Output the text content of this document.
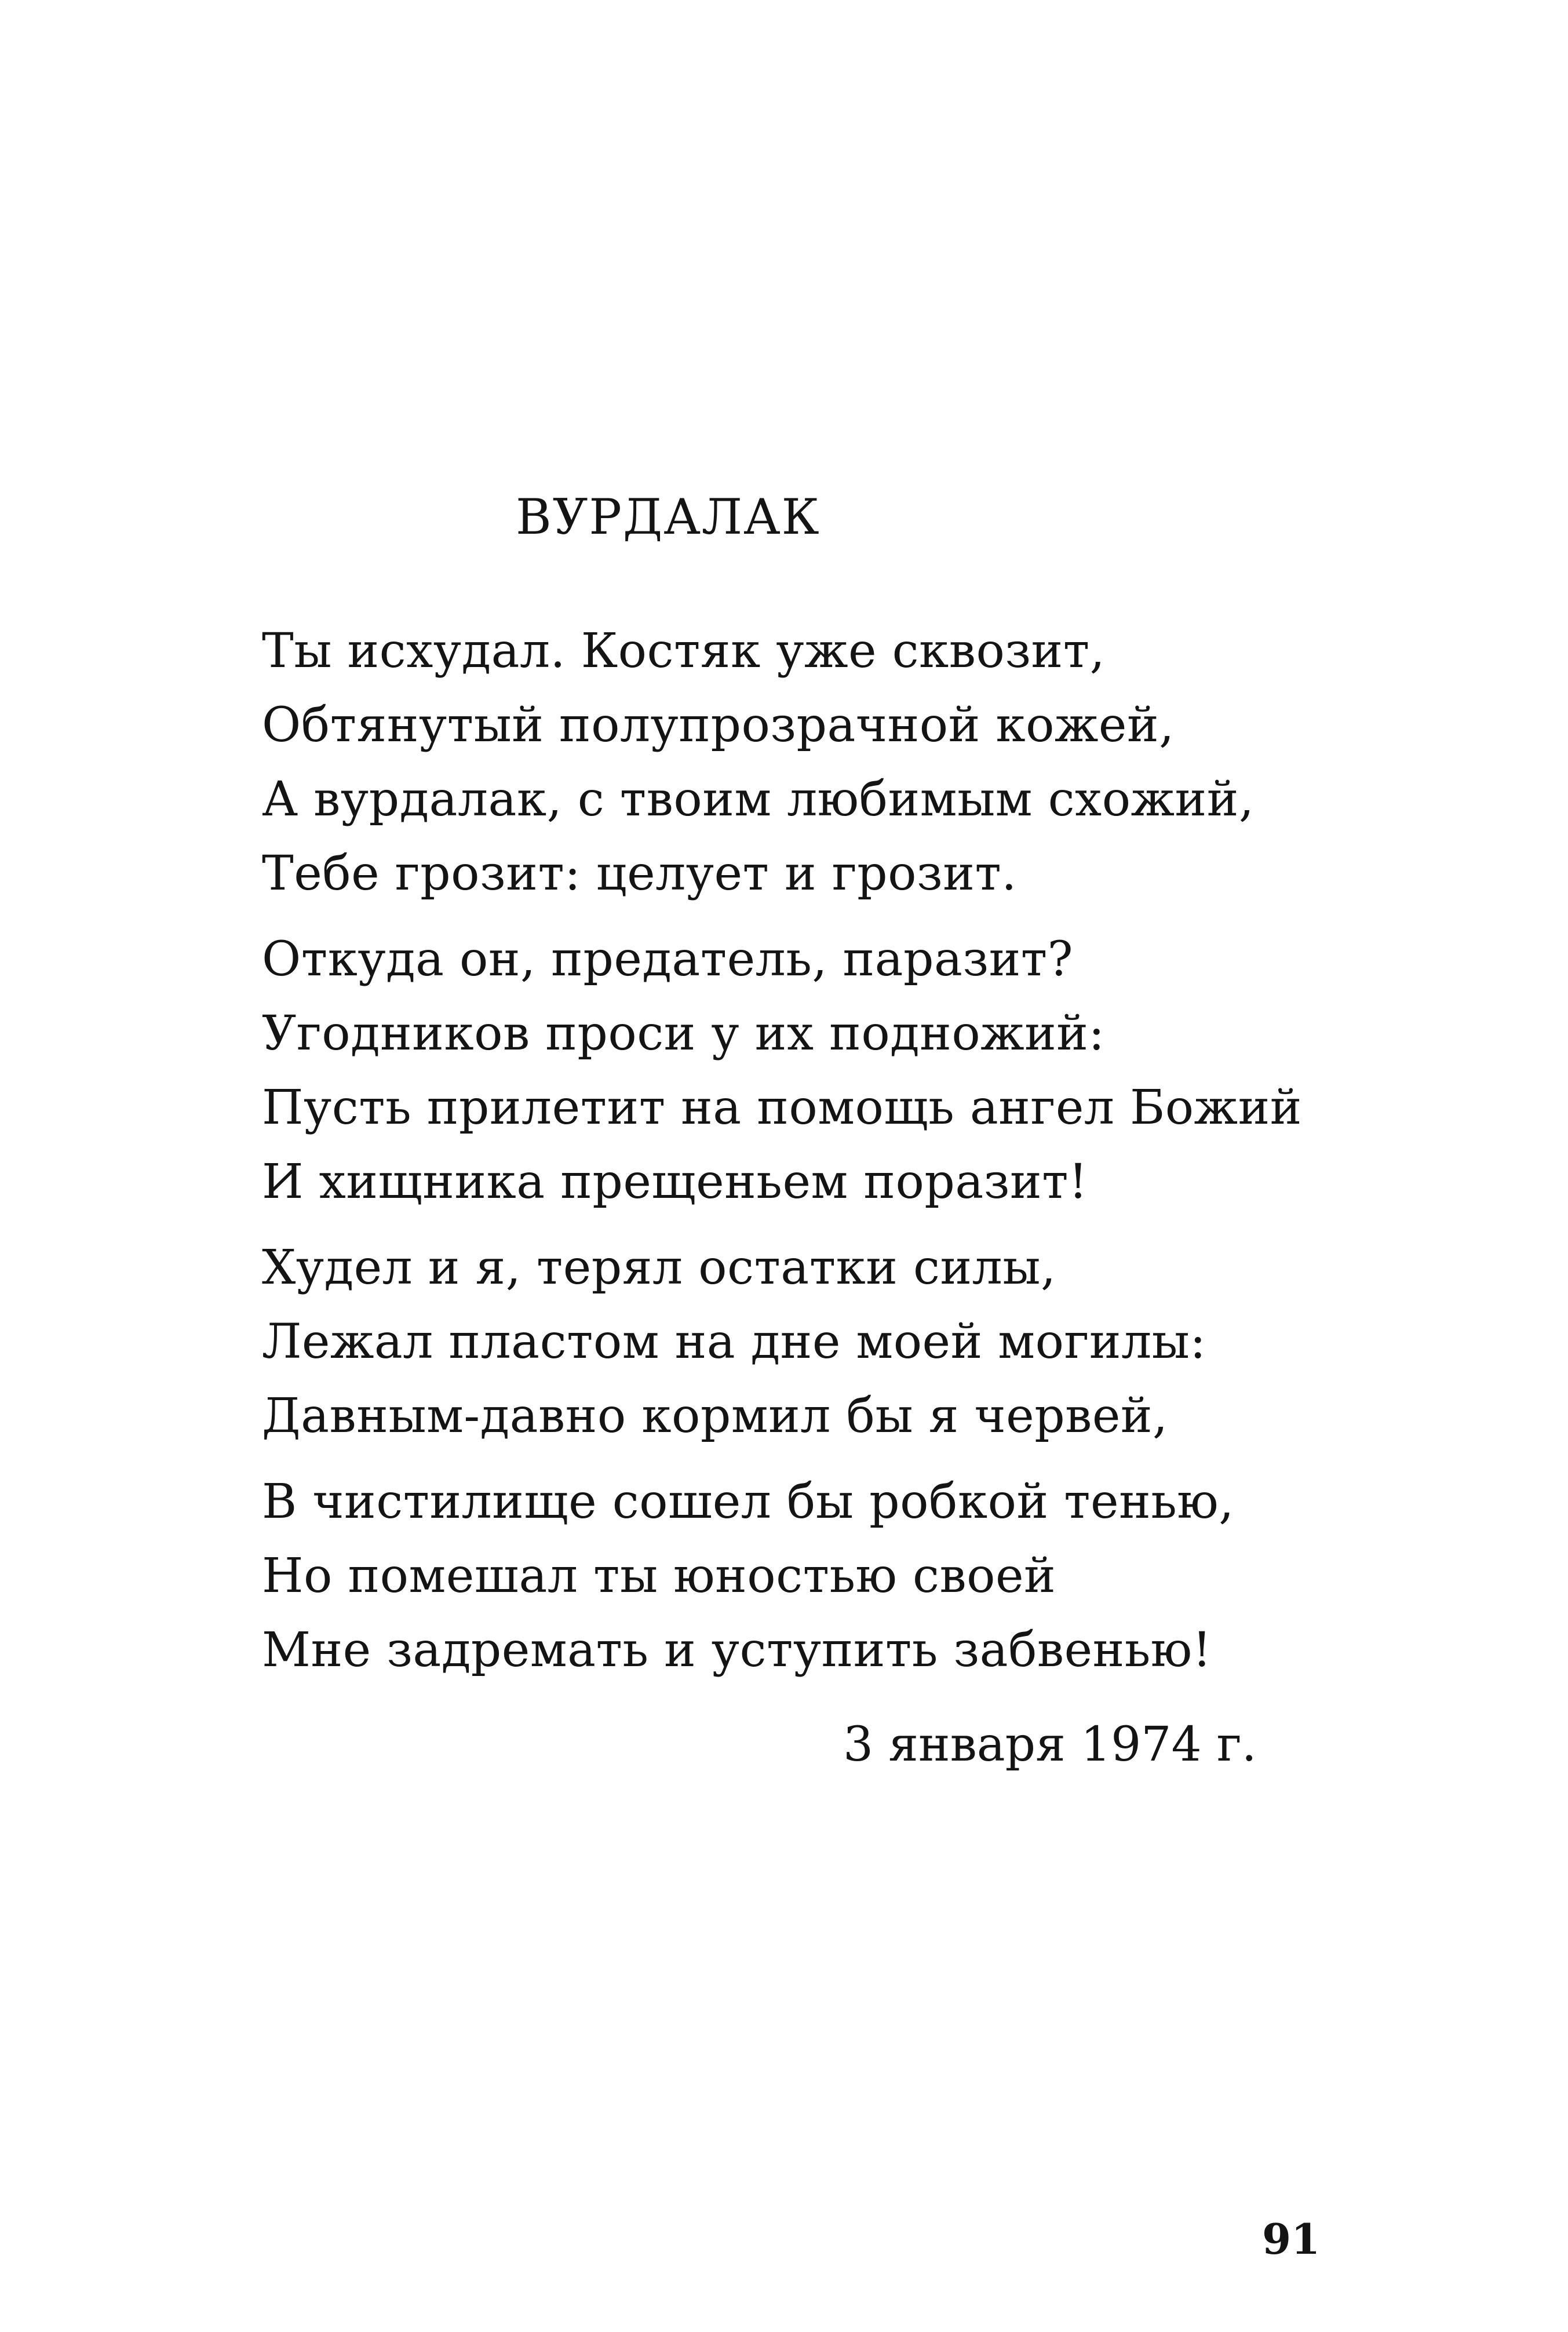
ВУРДАЛАК
Ты исхудал. Костяк уже сквозит,
Обтянутый полупрозрачной кожей,
А вурдалак, с твоим любимым схожий,
Тебе грозит: целует и грозит.
Откуда он, предатель, паразит?
Угодников проси у их подножий:
Пусть прилетит на помощь ангел Божий
И хищника прещеньем поразит!
Худел и я, терял остатки силы,
Лежал пластом на дне моей могилы:
Давным-давно кормил бы я червей,
В чистилище сошел бы робкой тенью,
Но помешал ты юностью своей
Мне задремать и уступить забвенью!
3 января 1974 г.
91
